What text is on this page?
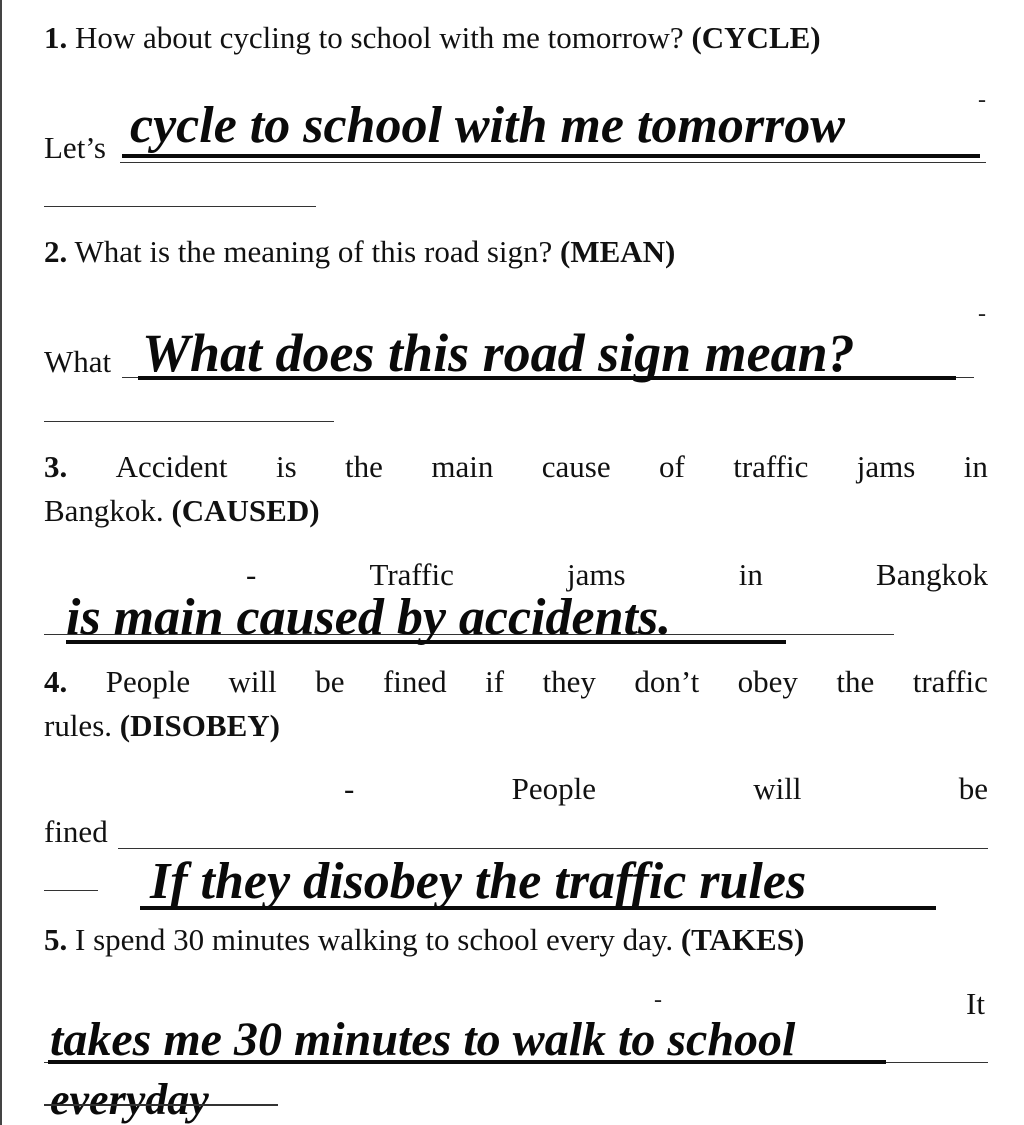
1. How about cycling to school with me tomorrow? (CYCLE)
Let’s
-
cycle to school with me tomorrow
2. What is the meaning of this road sign? (MEAN)
What
-
What does this road sign mean?
3. Accident is the main cause of traffic jams in
Bangkok. (CAUSED)
-	Traffic	jams	in	Bangkok
is main caused by accidents.
4. People will be fined if they don’t obey the traffic
rules. (DISOBEY)
-	People	will	be
fined
If they disobey the traffic rules
5. I spend 30 minutes walking to school every day. (TAKES)
-	It
takes me 30 minutes to walk to school
everyday
